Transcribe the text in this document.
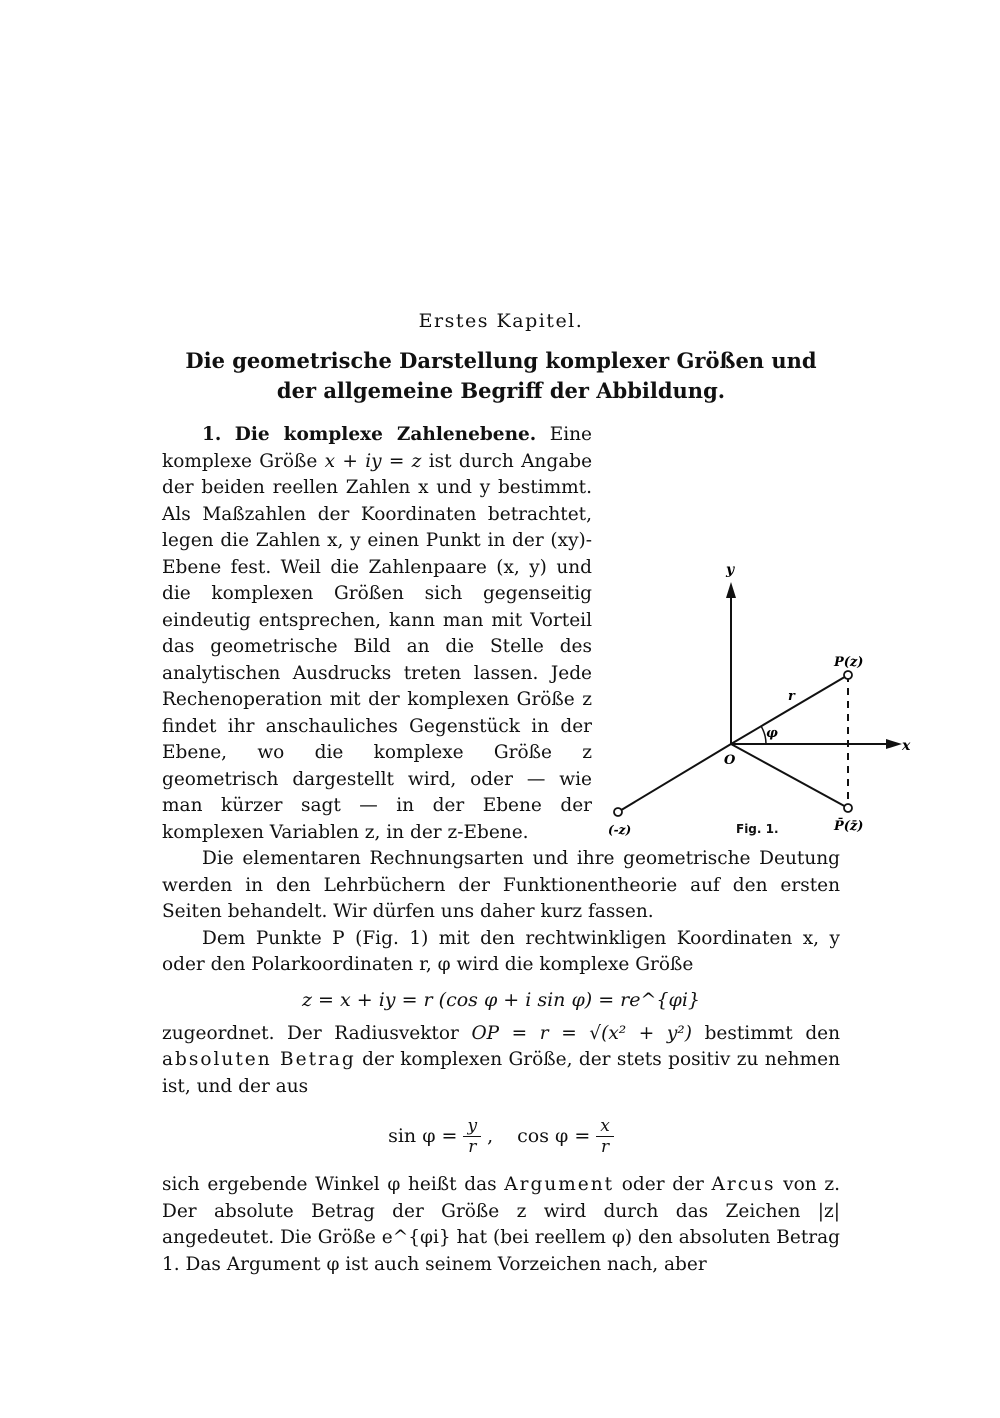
Erstes Kapitel.
Die geometrische Darstellung komplexer Größen und
der allgemeine Begriff der Abbildung.
y
x
O
r
φ
P(z)
P̄(z̄)
(-z)	Fig. 1.

1. Die komplexe Zahlenebene. Eine komplexe Größe x + iy = z ist durch Angabe der beiden reellen Zahlen x und y bestimmt. Als Maßzahlen der Koordinaten betrachtet, legen die Zahlen x, y einen Punkt in der (xy)-Ebene fest. Weil die Zahlenpaare (x, y) und die komplexen Größen sich gegenseitig eindeutig entsprechen, kann man mit Vorteil das geometrische Bild an die Stelle des analytischen Ausdrucks treten lassen. Jede Rechenoperation mit der komplexen Größe z findet ihr anschauliches Gegenstück in der Ebene, wo die komplexe Größe z geometrisch dargestellt wird, oder — wie man kürzer sagt — in der Ebene der komplexen Variablen z, in der z-Ebene.

Die elementaren Rechnungsarten und ihre geometrische Deutung werden in den Lehrbüchern der Funktionentheorie auf den ersten Seiten behandelt. Wir dürfen uns daher kurz fassen.

Dem Punkte P (Fig. 1) mit den rechtwinkligen Koordinaten x, y oder den Polarkoordinaten r, φ wird die komplexe Größe

z = x + iy = r (cos φ + i sin φ) = re^{φi}

zugeordnet. Der Radiusvektor OP = r = √(x² + y²) bestimmt den absoluten Betrag der komplexen Größe, der stets positiv zu nehmen ist, und der aus

$\sin \varphi = \frac{y}{r}$ , $\cos \varphi = \frac{x}{r}$

sich ergebende Winkel φ heißt das Argument oder der Arcus von z. Der absolute Betrag der Größe z wird durch das Zeichen |z| angedeutet. Die Größe e^{φi} hat (bei reellem φ) den absoluten Betrag 1. Das Argument φ ist auch seinem Vorzeichen nach, aber
